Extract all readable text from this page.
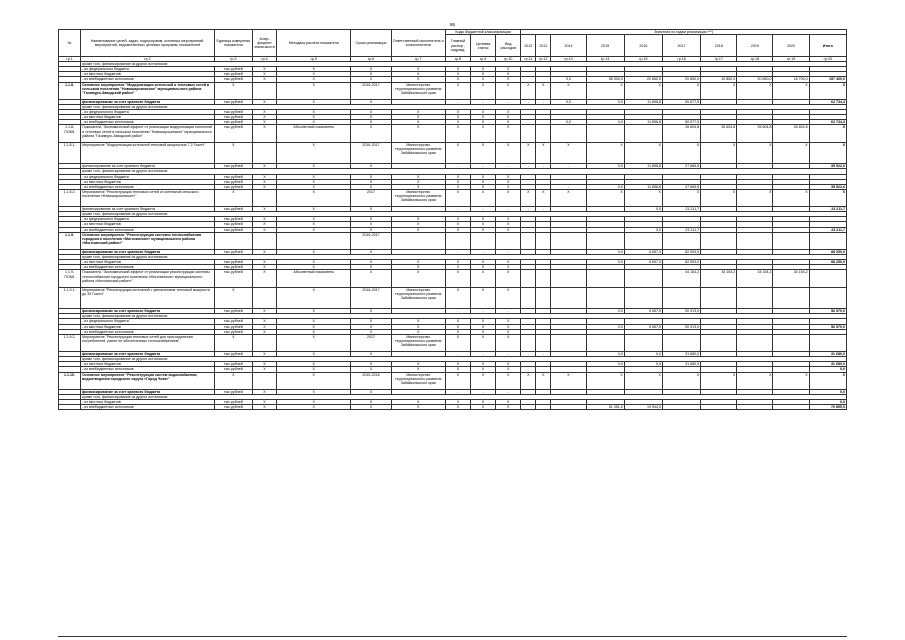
86
№	Наименование целей, задач, подпрограмм, основных мероприятий, мероприятий, ведомственных целевых программ, показателей	Единица измерения показателя	Коэф-фициент значи-мости	Методика расчета показателя	Сроки реализации	Ответственный исполнитель и соисполнители	Коды бюджетной классификации			Значения по годам реализации ***)									
							Главный распор., подразд.	Целевая статья	Вид расходов	2012	2013	2014	2015	2016	2017	2018	2019	2020	Итого
гр.1	гр.2	гр.3	гр.4	гр.5	гр.6	гр.7	гр.8	гр.9	гр.10	гр.11	гр.12	гр.13	гр.14	гр.15	гр.16	гр.17	гр.18	гр.19	гр.20
	кроме того, финансирование из других источников:																		
	- из федерального бюджета	тыс.рублей	Х	Х	Х	Х	Х	Х	Х										
	- из местных бюджетов	тыс.рублей	Х	Х	Х	Х	Х	Х	Х										
	- из внебюджетных источников	тыс.рублей	Х	Х	Х	Х	Х	Х	Х			0,0	55 300,0	20 850,0	20 850,0	20 850,0	20 850,0	18 700,0	157 400,0
1.1.8.	Основное мероприятие "Модернизация котельной и тепловых сетей в сельском поселении "Новоширокинское" муниципального района "Газимуро-Заводский район"	Х		Х	2016-2017	Министерство территориального развития Забайкальского края	Х	Х	Х	Х	Х	Х	Х	Х	Х	Х	Х	Х	Х
	финансирование за счет краевого бюджета	тыс.рублей	Х	Х	Х		-	-	-	-	-	0,0	0,0	11 856,8	50 877,5				62 734,3
	кроме того, финансирование из других источников:																		
	- из федерального бюджета	тыс.рублей	Х	Х	Х	Х	Х	Х	Х										
	- из местных бюджетов	тыс.рублей	Х	Х	Х	Х	Х	Х	Х										
	- из внебюджетных источников	тыс.рублей	Х	Х	Х	Х	Х	Х	Х			0,0	0,0	11 856,8	50 877,5				62 734,3
1.1.8-ПОМ1	Показатель "Экономический эффект от реализации модернизации котельной и тепловых сетей в сельском поселении "Новоширокинское" муниципального района "Газимуро-Заводский район"	тыс.рублей	Х	Абсолютный показатель	Х	Х	Х	Х	Х						26 604,8	26 604,8	26 604,8	26 604,8	Х
1.1.8.1.	Мероприятие "Модернизация котельной тепловой мощностью 7,2 Гкал/ч"	Х		Х	2016-2017	Министерство территориального развития Забайкальского края	Х	Х	Х	Х	Х	Х	Х	Х	Х	Х	Х	Х	Х
	финансирование за счет краевого бюджета	тыс.рублей	Х	Х	Х		-	-	-	-	-	-	0,0	11 856,8	27 665,8				39 522,6
	кроме того, финансирование из других источников:																		
	- из федерального бюджета	тыс.рублей	Х	Х	Х	Х	Х	Х	Х										
	- из местных бюджетов	тыс.рублей	Х	Х	Х	Х	Х	Х	Х										
	- из внебюджетных источников	тыс.рублей	Х	Х	Х	Х	Х	Х	Х			-	0,0	11 856,8	27 665,8				39 522,6
1.1.8.2.	Мероприятие "Реконструкция тепловых сетей от котельной сельского поселения «Новоширокинское»"	Х		Х	2017	Министерство территориального развития Забайкальского края	Х	Х	Х	Х	Х	Х	Х	Х	Х	Х	Х	Х	Х
	финансирование за счет краевого бюджета	тыс.рублей	Х	Х	Х		-	-	-	-	-			0,0	23 211,7				23 211,7
	кроме того, финансирование из других источников:																		
	- из федерального бюджета	тыс.рублей	Х	Х	Х	Х	Х	Х	Х										
	- из местных бюджетов	тыс.рублей	Х	Х	Х	Х	Х	Х	Х										
	- из внебюджетных источников	тыс.рублей	Х	Х	Х	Х	Х	Х	Х					0,0	23 211,7				23 211,7
1.1.9.	Основное мероприятие "Реконструкция системы теплоснабжения городского поселения «Могочинское» муниципального района «Могочинский район»"				2016-2017														
	финансирование за счет краевого бюджета	тыс.рублей	Х	Х	Х		-	-	-				0,0	5 657,0	82 593,0				88 250,0
	кроме того, финансирование из других источников:																		
	- из местных бюджетов	тыс.рублей	Х	Х	Х	Х	Х	Х	Х				0,0	5 657,0	82 593,0				88 250,0
	- из внебюджетных источников	тыс.рублей	Х	Х	Х	Х	Х	Х	Х										
1.1.9-ПОМ1	Показатель "Экономический эффект от реализации реконструкции системы теплоснабжения городского поселения «Могочинское» муниципального района «Могочинский район»"	тыс.рублей	Х	Абсолютный показатель	Х	Х	Х	Х	Х						34 154,2	34 154,2	34 154,2	34 154,2	
1.1.9.1.	Мероприятие "Реконструкция котельной с увеличением тепловой мощности до 30 Гкал/ч"	Х		Х	2016-2017	Министерство территориального развития Забайкальского края	Х	Х	Х										
	финансирование за счет краевого бюджета	тыс.рублей	Х	Х	Х		-	-	-				0,0	5 657,0	50 913,0				56 570,0
	кроме того, финансирование из других источников:																		
	- из федерального бюджета	тыс.рублей	Х	Х	Х	Х	Х	Х	Х										
	- из местных бюджетов	тыс.рублей	Х	Х	Х	Х	Х	Х	Х				0,0	5 657,0	50 913,0				56 570,0
	- из внебюджетных источников	тыс.рублей	Х	Х	Х	Х	Х	Х	Х										
1.1.9.2.	Мероприятие "Реконструкция тепловых сетей для присоединения потребителей, ранее не обеспеченных теплоснабжением"	Х		Х	2017	Министерство территориального развития Забайкальского края	Х	Х	Х										
	финансирование за счет краевого бюджета	тыс.рублей	Х	Х	Х		-	-	-	-	-		0,0	0,0	31 680,0				31 680,0
	кроме того, финансирование из других источников:																		
	- из местных бюджетов	тыс.рублей	Х	Х	Х	Х	Х	Х	Х				0,0	0,0	31 680,0				31 680,0
	- из внебюджетных источников	тыс.рублей	Х	Х	Х	Х	Х	Х	Х										0,0
1.1.10.	Основное мероприятие "Реконструкция систем водоснабжения, водоотведения городского округа «Город Чита»"	Х		Х	2015-2016	Министерство территориального развития Забайкальского края	Х	Х	Х	Х	Х	Х	Х	Х	Х	Х	Х	Х	Х
	финансирование за счет краевого бюджета	тыс.рублей	Х	Х	Х		-	-	-										0,0
	кроме того, финансирование из других источников:																		
	- из местных бюджетов	тыс.рублей	Х	Х	Х	Х	Х	Х	Х										0,0
	- из внебюджетных источников	тыс.рублей	Х	Х	Х	Х	Х	Х	Х				51 351,0	19 544,0					70 895,0
